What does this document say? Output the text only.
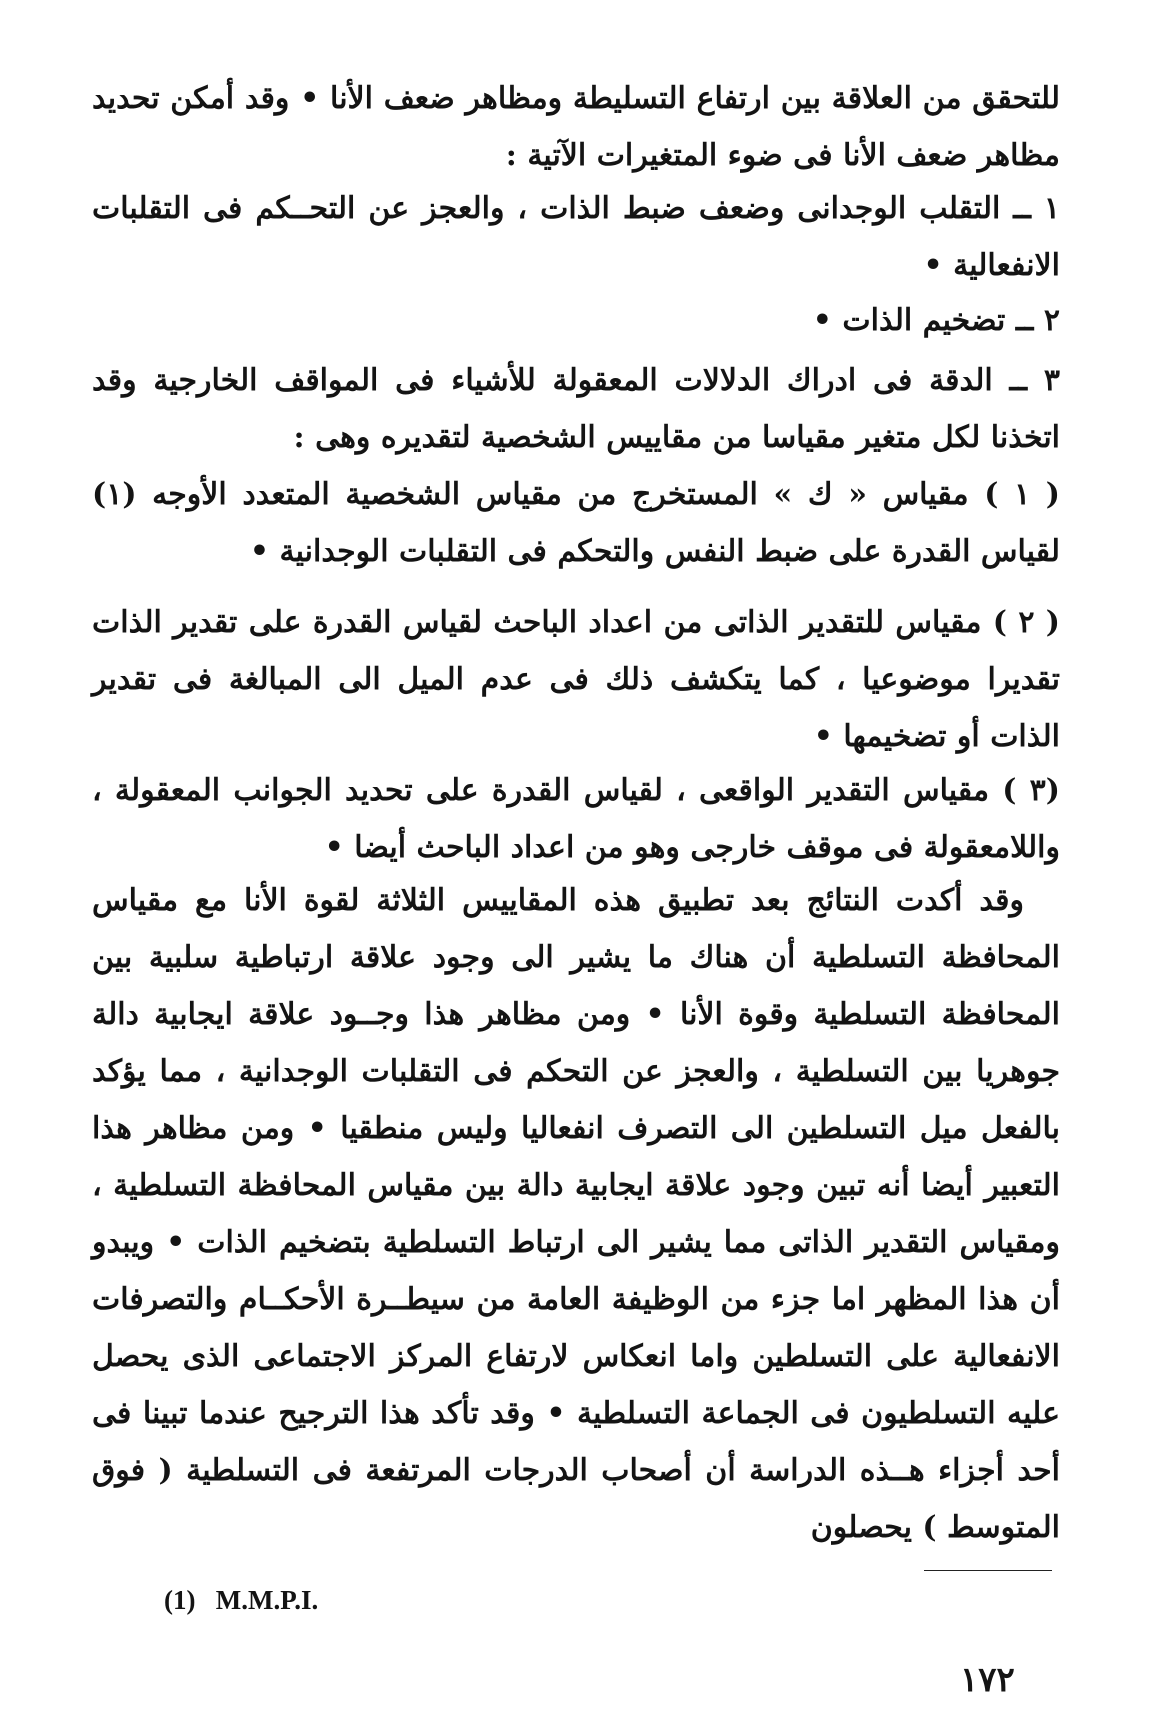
للتحقق من العلاقة بين ارتفاع التسليطة ومظاهر ضعف الأنا • وقد أمكن تحديد مظاهر ضعف الأنا فى ضوء المتغيرات الآتية :

١ ــ التقلب الوجدانى وضعف ضبط الذات ، والعجز عن التحــكم فى التقلبات الانفعالية •

٢ ــ تضخيم الذات •

٣ ــ الدقة فى ادراك الدلالات المعقولة للأشياء فى المواقف الخارجية وقد اتخذنا لكل متغير مقياسا من مقاييس الشخصية لتقديره وهى :

( ١ ) مقياس « ك » المستخرج من مقياس الشخصية المتعدد الأوجه (١) لقياس القدرة على ضبط النفس والتحكم فى التقلبات الوجدانية •

( ٢ ) مقياس للتقدير الذاتى من اعداد الباحث لقياس القدرة على تقدير الذات تقديرا موضوعيا ، كما يتكشف ذلك فى عدم الميل الى المبالغة فى تقدير الذات أو تضخيمها •

(٣ ) مقياس التقدير الواقعى ، لقياس القدرة على تحديد الجوانب المعقولة ، واللامعقولة فى موقف خارجى وهو من اعداد الباحث أيضا •

وقد أكدت النتائج بعد تطبيق هذه المقاييس الثلاثة لقوة الأنا مع مقياس المحافظة التسلطية أن هناك ما يشير الى وجود علاقة ارتباطية سلبية بين المحافظة التسلطية وقوة الأنا • ومن مظاهر هذا وجــود علاقة ايجابية دالة جوهريا بين التسلطية ، والعجز عن التحكم فى التقلبات الوجدانية ، مما يؤكد بالفعل ميل التسلطين الى التصرف انفعاليا وليس منطقيا • ومن مظاهر هذا التعبير أيضا أنه تبين وجود علاقة ايجابية دالة بين مقياس المحافظة التسلطية ، ومقياس التقدير الذاتى مما يشير الى ارتباط التسلطية بتضخيم الذات • ويبدو أن هذا المظهر اما جزء من الوظيفة العامة من سيطــرة الأحكــام والتصرفات الانفعالية على التسلطين واما انعكاس لارتفاع المركز الاجتماعى الذى يحصل عليه التسلطيون فى الجماعة التسلطية • وقد تأكد هذا الترجيح عندما تبينا فى أحد أجزاء هــذه الدراسة أن أصحاب الدرجات المرتفعة فى التسلطية ( فوق المتوسط ) يحصلون

(1)   M.M.P.I.

١٧٢
